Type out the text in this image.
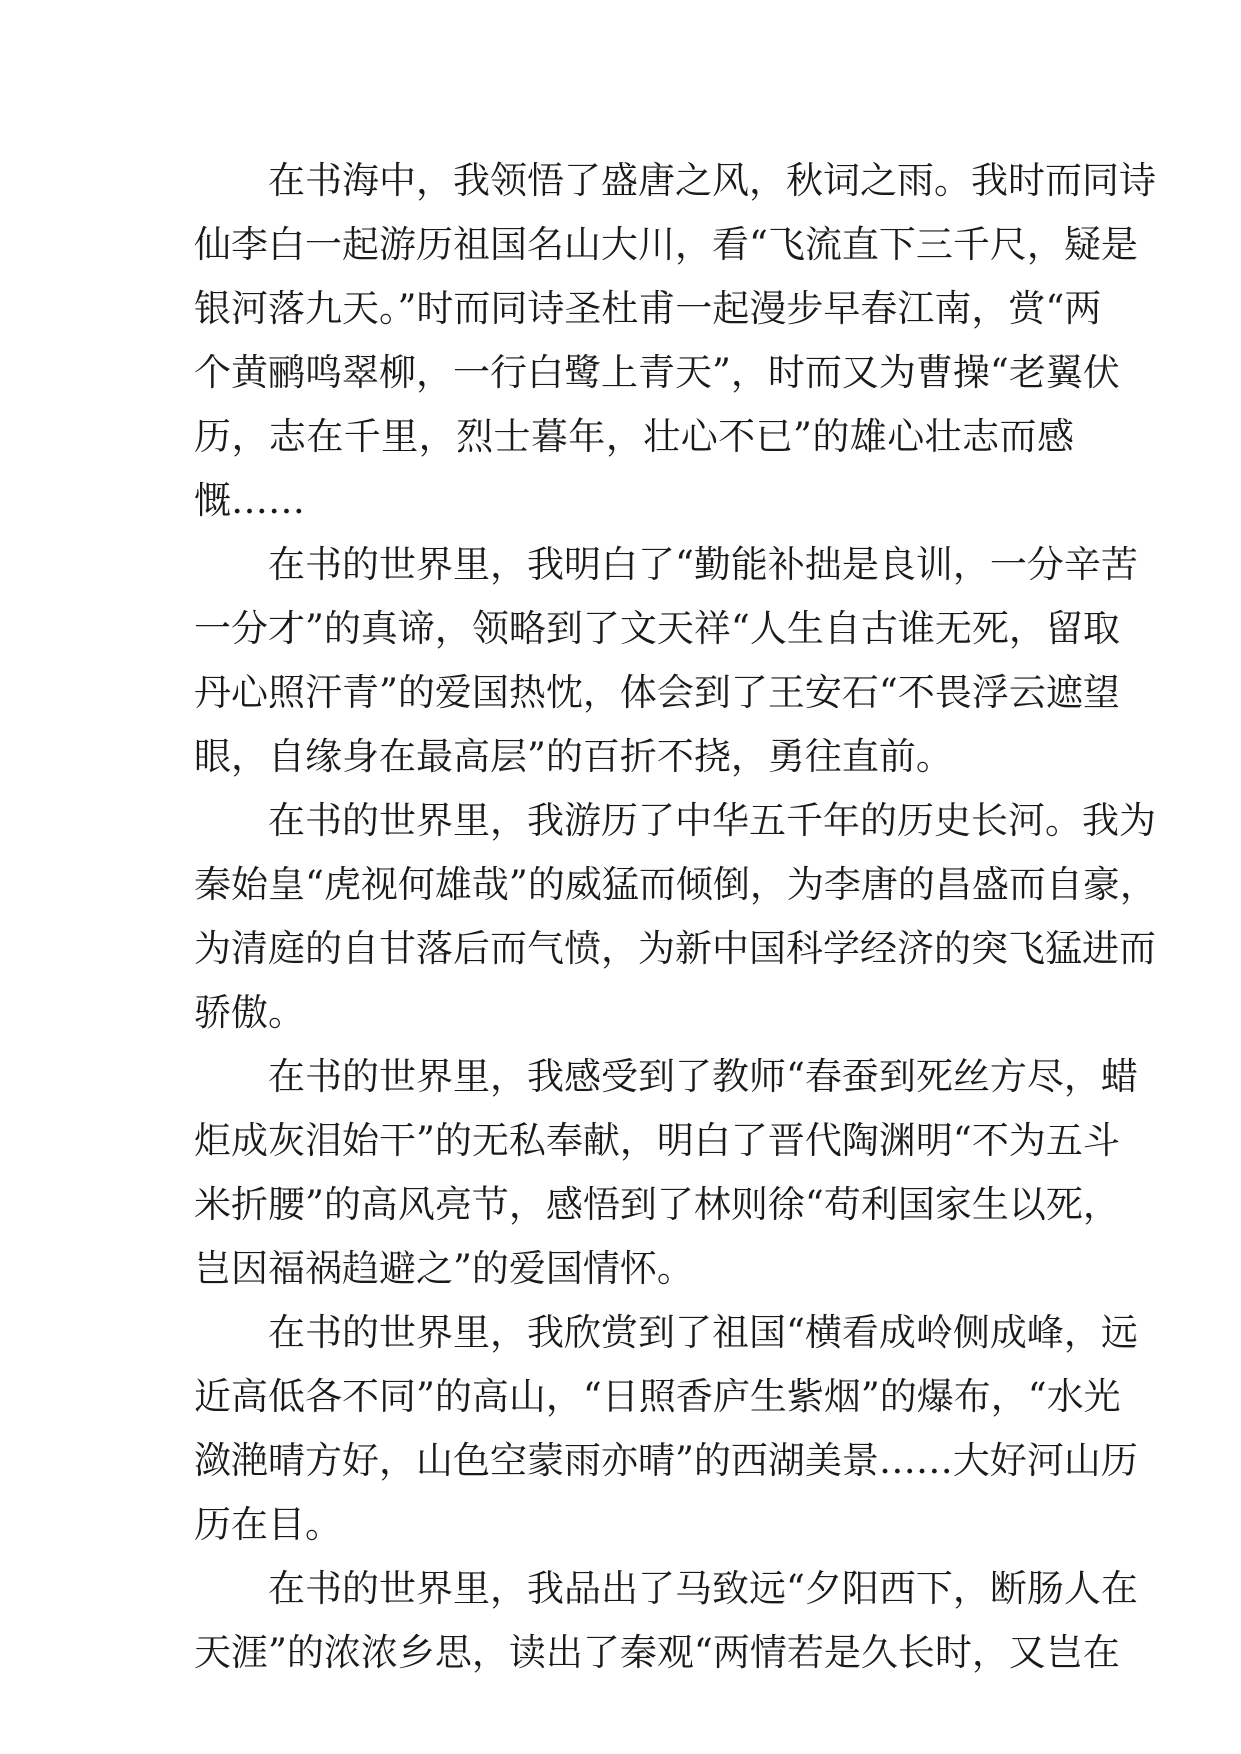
　　在书海中，我领悟了盛唐之风，秋词之雨。我时而同诗
仙李白一起游历祖国名山大川，看“飞流直下三千尺，疑是
银河落九天。”时而同诗圣杜甫一起漫步早春江南，赏“两
个黄鹂鸣翠柳，一行白鹭上青天”，时而又为曹操“老翼伏
历，志在千里，烈士暮年，壮心不已”的雄心壮志而感
慨……
　　在书的世界里，我明白了“勤能补拙是良训，一分辛苦
一分才”的真谛，领略到了文天祥“人生自古谁无死，留取
丹心照汗青”的爱国热忱，体会到了王安石“不畏浮云遮望
眼，自缘身在最高层”的百折不挠，勇往直前。
　　在书的世界里，我游历了中华五千年的历史长河。我为
秦始皇“虎视何雄哉”的威猛而倾倒，为李唐的昌盛而自豪，
为清庭的自甘落后而气愤，为新中国科学经济的突飞猛进而
骄傲。
　　在书的世界里，我感受到了教师“春蚕到死丝方尽，蜡
炬成灰泪始干”的无私奉献，明白了晋代陶渊明“不为五斗
米折腰”的高风亮节，感悟到了林则徐“苟利国家生以死，
岂因福祸趋避之”的爱国情怀。
　　在书的世界里，我欣赏到了祖国“横看成岭侧成峰，远
近高低各不同”的高山，“日照香庐生紫烟”的爆布，“水光
潋滟晴方好，山色空蒙雨亦晴”的西湖美景……大好河山历
历在目。
　　在书的世界里，我品出了马致远“夕阳西下，断肠人在
天涯”的浓浓乡思，读出了秦观“两情若是久长时，又岂在
